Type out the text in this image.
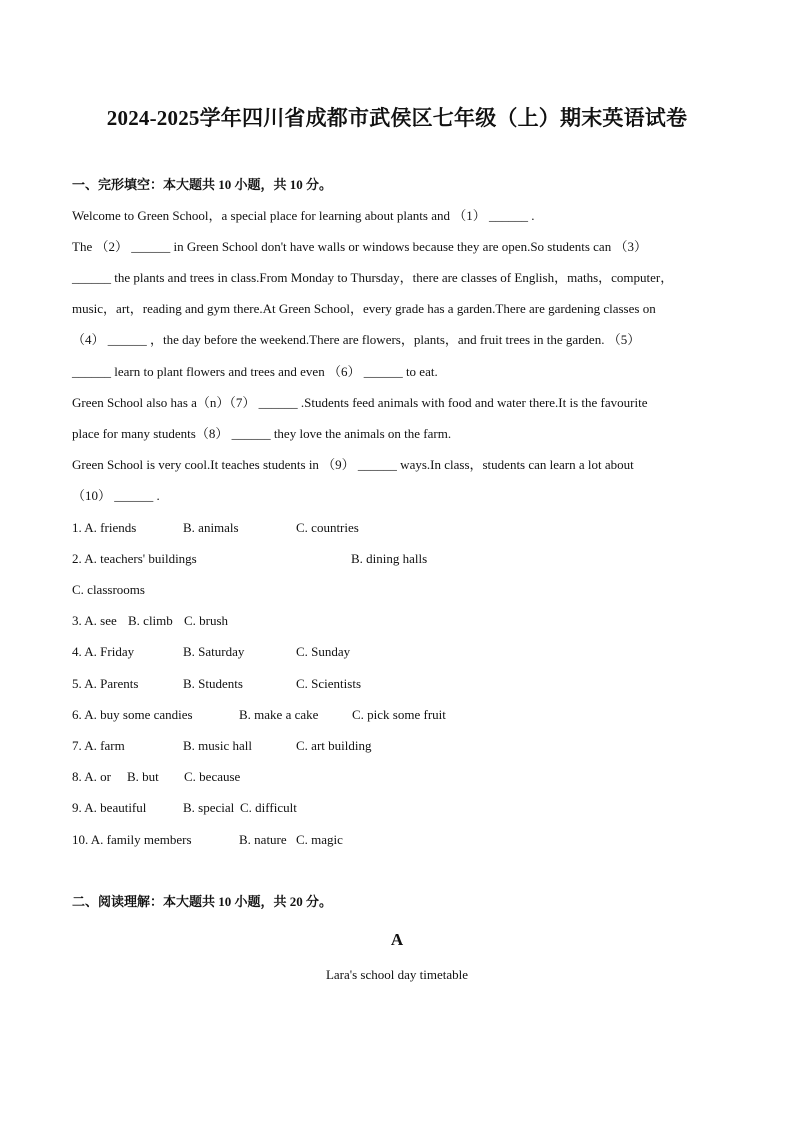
2024-2025学年四川省成都市武侯区七年级（上）期末英语试卷
一、完形填空：本大题共 10 小题，共 10 分。
Welcome to Green School，a special place for learning about plants and （1） ______ .
The （2） ______ in Green School don't have walls or windows because they are open.So students can （3）
______ the plants and trees in class.From Monday to Thursday，there are classes of English，maths，computer，
music，art，reading and gym there.At Green School，every grade has a garden.There are gardening classes on
（4） ______ ，the day before the weekend.There are flowers，plants，and fruit trees in the garden. （5）
______ learn to plant flowers and trees and even （6） ______ to eat.
Green School also has a（n）（7） ______ .Students feed animals with food and water there.It is the favourite
place for many students（8） ______ they love the animals on the farm.
Green School is very cool.It teaches students in （9） ______ ways.In class，students can learn a lot about
（10） ______ .
1. A. friends	B. animals	C. countries
2. A. teachers' buildings	B. dining halls
C. classrooms
3. A. see B. climb C. brush
4. A. Friday	B. Saturday	C. Sunday
5. A. Parents	B. Students	C. Scientists
6. A. buy some candies	B. make a cake	C. pick some fruit
7. A. farm	B. music hall	C. art building
8. A. or B. but C. because
9. A. beautiful	B. special C. difficult
10. A. family members	B. nature C. magic
二、阅读理解：本大题共 10 小题，共 20 分。
A
Lara's school day timetable
